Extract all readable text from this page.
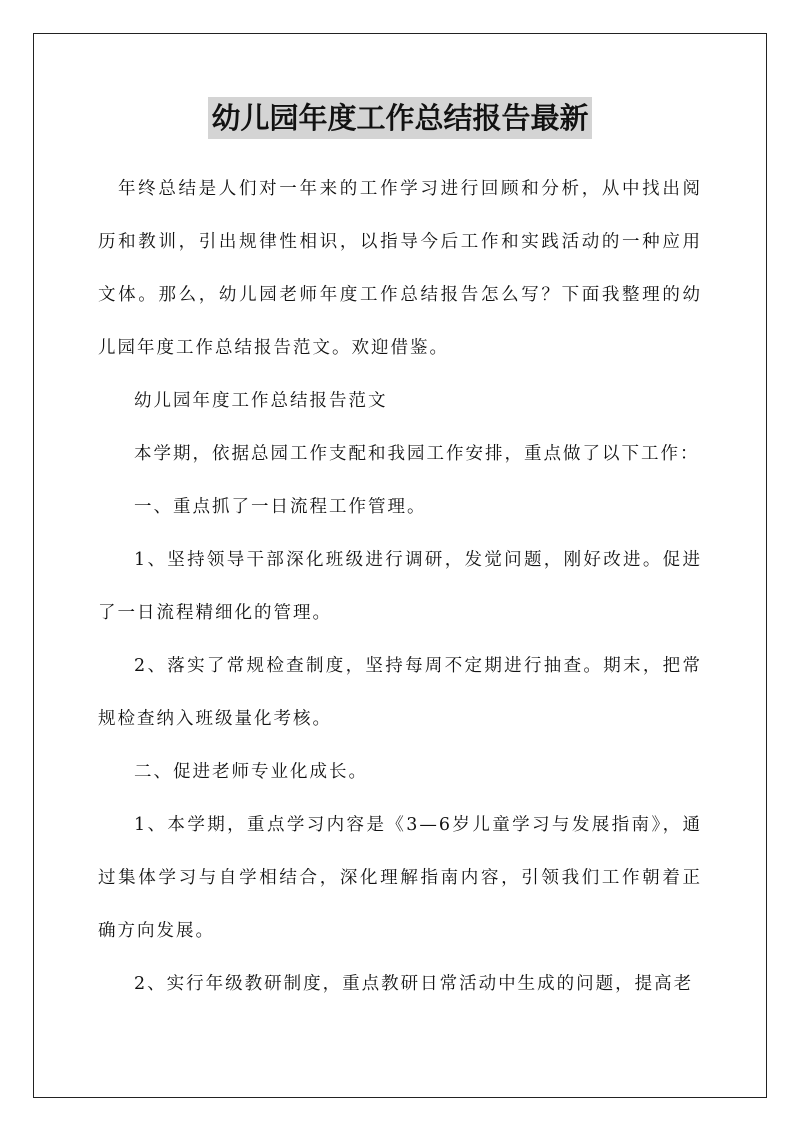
幼儿园年度工作总结报告最新

年终总结是人们对一年来的工作学习进行回顾和分析，从中找出阅历和教训，引出规律性相识，以指导今后工作和实践活动的一种应用文体。那么，幼儿园老师年度工作总结报告怎么写？下面我整理的幼儿园年度工作总结报告范文。欢迎借鉴。

幼儿园年度工作总结报告范文

本学期，依据总园工作支配和我园工作安排，重点做了以下工作：

一、重点抓了一日流程工作管理。

1、坚持领导干部深化班级进行调研，发觉问题，刚好改进。促进了一日流程精细化的管理。

2、落实了常规检查制度，坚持每周不定期进行抽查。期末，把常规检查纳入班级量化考核。

二、促进老师专业化成长。

1、本学期，重点学习内容是《3—6岁儿童学习与发展指南》，通过集体学习与自学相结合，深化理解指南内容，引领我们工作朝着正确方向发展。

2、实行年级教研制度，重点教研日常活动中生成的问题，提高老
